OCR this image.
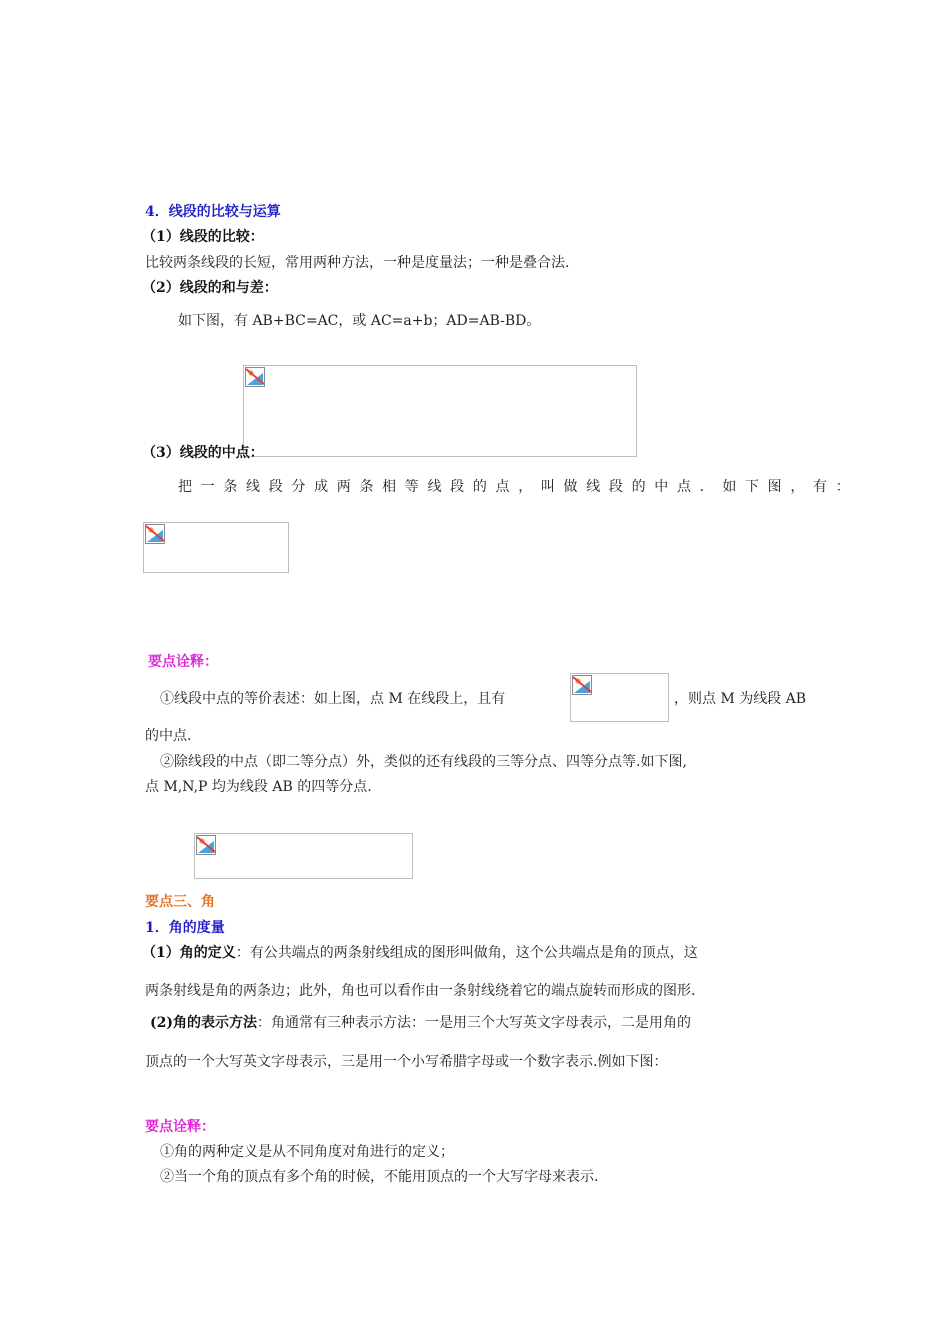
4．线段的比较与运算
（1）线段的比较：
比较两条线段的长短，常用两种方法，一种是度量法；一种是叠合法.
（2）线段的和与差：
如下图，有 AB+BC=AC，或 AC=a+b；AD=AB-BD。
（3）线段的中点：
把一条线段分成两条相等线段的点，叫做线段的中点．如下图，有：
要点诠释：
①线段中点的等价表述：如上图，点 M 在线段上，且有	，则点 M 为线段 AB
的中点.
②除线段的中点（即二等分点）外，类似的还有线段的三等分点、四等分点等.如下图,
点 M,N,P 均为线段 AB 的四等分点.
要点三、角
1．角的度量
（1）角的定义：有公共端点的两条射线组成的图形叫做角，这个公共端点是角的顶点，这
两条射线是角的两条边；此外，角也可以看作由一条射线绕着它的端点旋转而形成的图形.
(2)角的表示方法：角通常有三种表示方法：一是用三个大写英文字母表示，二是用角的
顶点的一个大写英文字母表示，三是用一个小写希腊字母或一个数字表示.例如下图：
要点诠释：
①角的两种定义是从不同角度对角进行的定义；
②当一个角的顶点有多个角的时候，不能用顶点的一个大写字母来表示.
